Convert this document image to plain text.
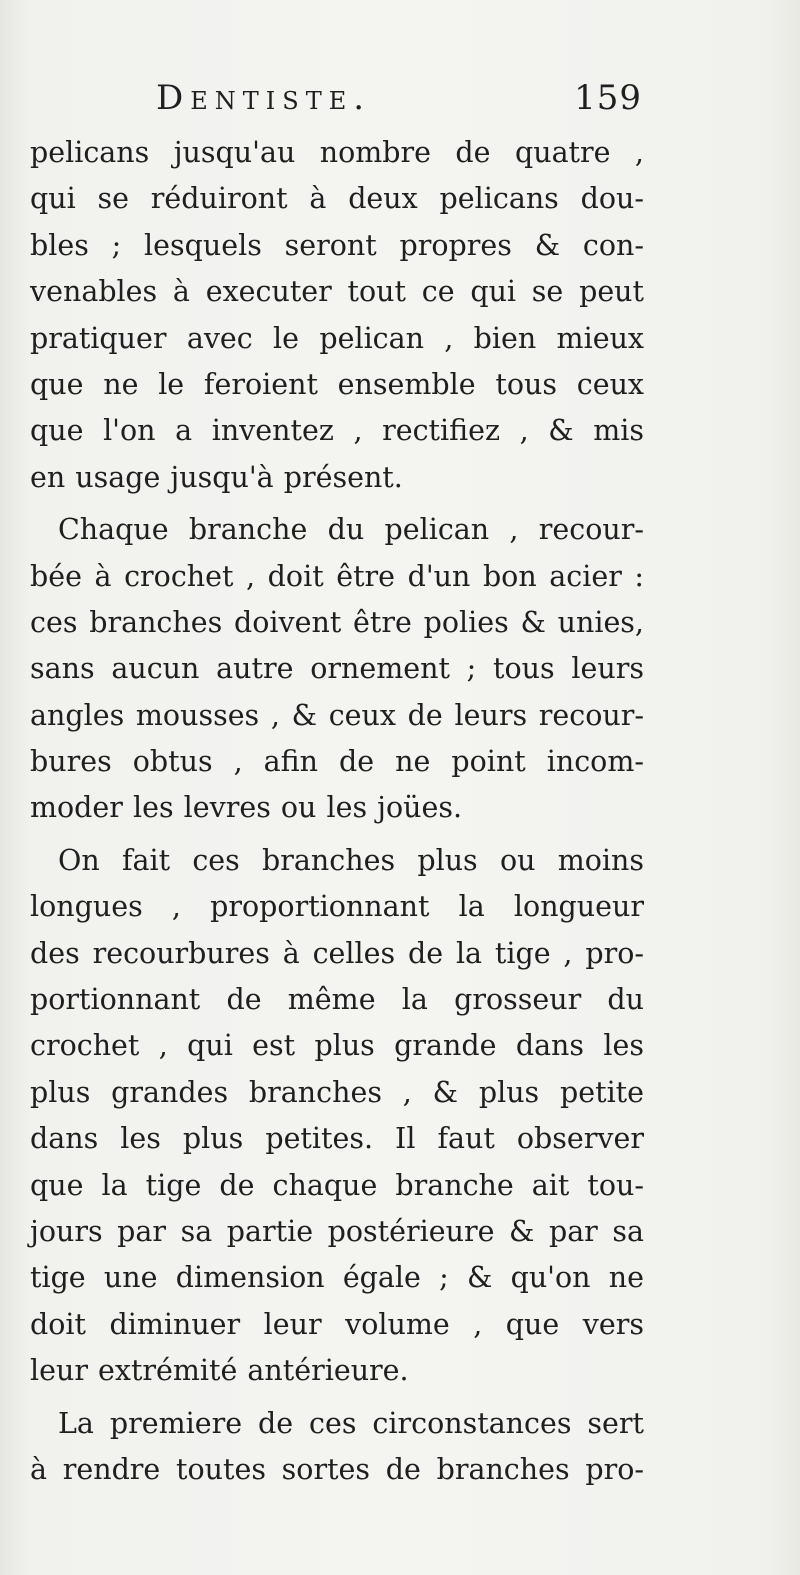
Dentiste.	159
pelicans jusqu'au nombre de quatre ,
qui se réduiront à deux pelicans dou-
bles ; lesquels seront propres & con-
venables à executer tout ce qui se peut
pratiquer avec le pelican , bien mieux
que ne le feroient ensemble tous ceux
que l'on a inventez , rectifiez , & mis
en usage jusqu'à présent.
Chaque branche du pelican , recour-
bée à crochet , doit être d'un bon acier :
ces branches doivent être polies & unies,
sans aucun autre ornement ; tous leurs
angles mousses , & ceux de leurs recour-
bures obtus , afin de ne point incom-
moder les levres ou les joües.
On fait ces branches plus ou moins
longues , proportionnant la longueur
des recourbures à celles de la tige , pro-
portionnant de même la grosseur du
crochet , qui est plus grande dans les
plus grandes branches , & plus petite
dans les plus petites. Il faut observer
que la tige de chaque branche ait tou-
jours par sa partie postérieure & par sa
tige une dimension égale ; & qu'on ne
doit diminuer leur volume , que vers
leur extrémité antérieure.
La premiere de ces circonstances sert
à rendre toutes sortes de branches pro-
